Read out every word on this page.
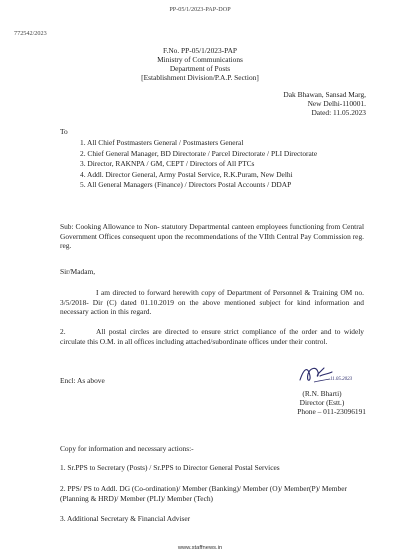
PP-05/1/2023-PAP-DOP
772542/2023
F.No. PP-05/1/2023-PAP
Ministry of Communications
Department of Posts
[Establishment Division/P.A.P. Section]
Dak Bhawan, Sansad Marg,
New Delhi-110001.
Dated: 11.05.2023
To
1. All Chief Postmasters General / Postmasters General
2. Chief General Manager, BD Directorate / Parcel Directorate / PLI Directorate
3. Director, RAKNPA / GM, CEPT / Directors of All PTCs
4. Addl. Director General, Army Postal Service, R.K.Puram, New Delhi
5. All General Managers (Finance) / Directors Postal Accounts / DDAP
Sub: Cooking Allowance to Non- statutory Departmental canteen employees functioning from Central Government Offices consequent upon the recommendations of the VIIth Central Pay Commission reg. reg.
Sir/Madam,
I am directed to forward herewith copy of Department of Personnel & Training OM no. 3/5/2018- Dir (C) dated 01.10.2019 on the above mentioned subject for kind information and necessary action in this regard.
2.	All postal circles are directed to ensure strict compliance of the order and to widely circulate this O.M. in all offices including attached/subordinate offices under their control.
Encl: As above	11.05.2023
(R.N. Bharti)
Director (Estt.)
Phone – 011-23096191
Copy for information and necessary actions:-
1. Sr.PPS to Secretary (Posts) / Sr.PPS to Director General Postal Services
2. PPS/ PS to Addl. DG (Co-ordination)/ Member (Banking)/ Member (O)/ Member(P)/ Member (Planning & HRD)/ Member (PLI)/ Member (Tech)
3. Additional Secretary & Financial Adviser
www.staffnews.in
